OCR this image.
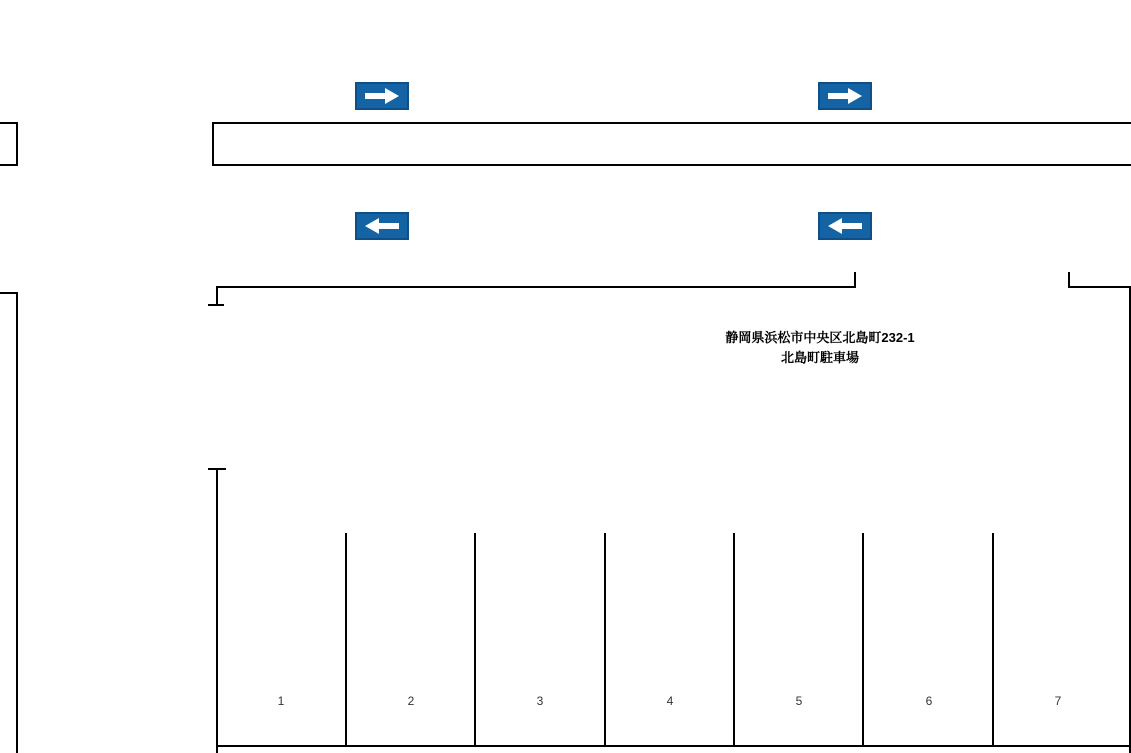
静岡県浜松市中央区北島町232-1
北島町駐車場
1	2	3	4	5	6	7
